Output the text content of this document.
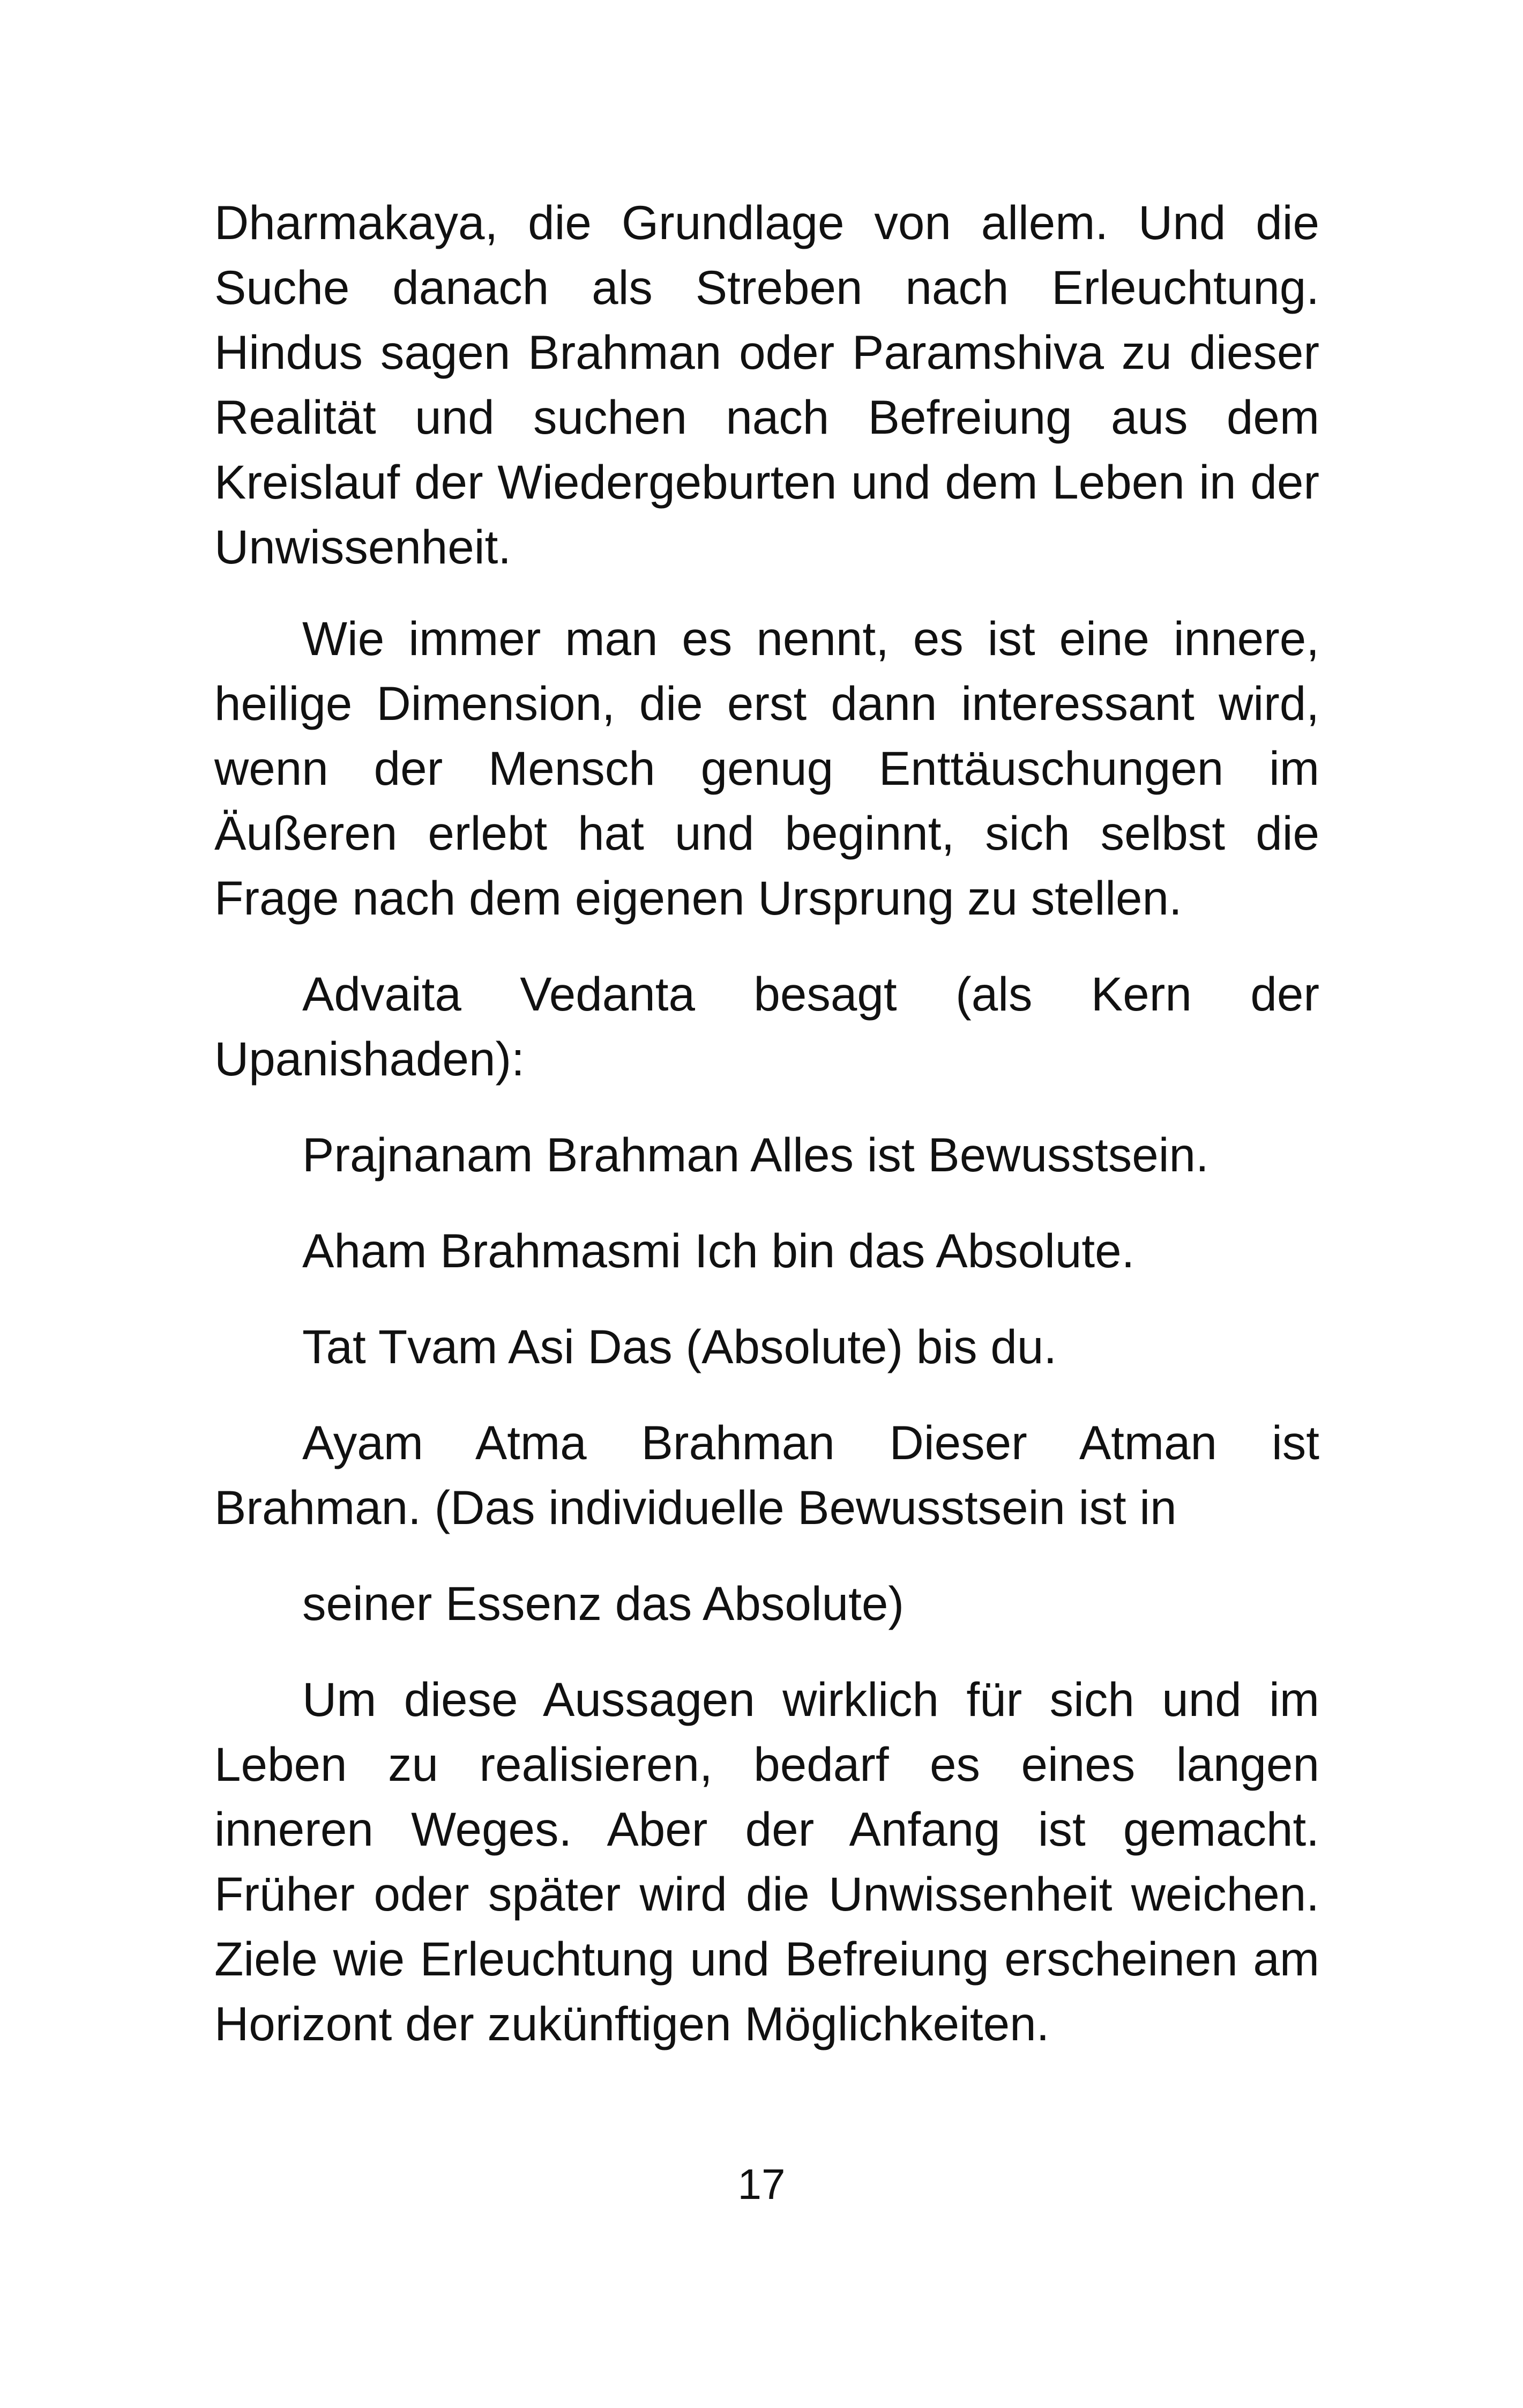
Dharmakaya, die Grundlage von allem. Und die Suche danach als Streben nach Erleuchtung. Hindus sagen Brahman oder Paramshiva zu dieser Realität und suchen nach Befreiung aus dem Kreislauf der Wiedergeburten und dem Leben in der Unwissenheit.

Wie immer man es nennt, es ist eine innere, heilige Dimension, die erst dann interessant wird, wenn der Mensch genug Enttäuschungen im Äußeren erlebt hat und beginnt, sich selbst die Frage nach dem eigenen Ursprung zu stellen.

Advaita Vedanta besagt (als Kern der Upanishaden):

Prajnanam Brahman Alles ist Bewusstsein.

Aham Brahmasmi Ich bin das Absolute.

Tat Tvam Asi Das (Absolute) bis du.

Ayam Atma Brahman Dieser Atman ist Brahman. (Das individuelle Bewusstsein ist in

seiner Essenz das Absolute)

Um diese Aussagen wirklich für sich und im Leben zu realisieren, bedarf es eines langen inneren Weges. Aber der Anfang ist gemacht. Früher oder später wird die Unwissenheit weichen. Ziele wie Erleuchtung und Befreiung erscheinen am Horizont der zukünftigen Möglichkeiten.

17
